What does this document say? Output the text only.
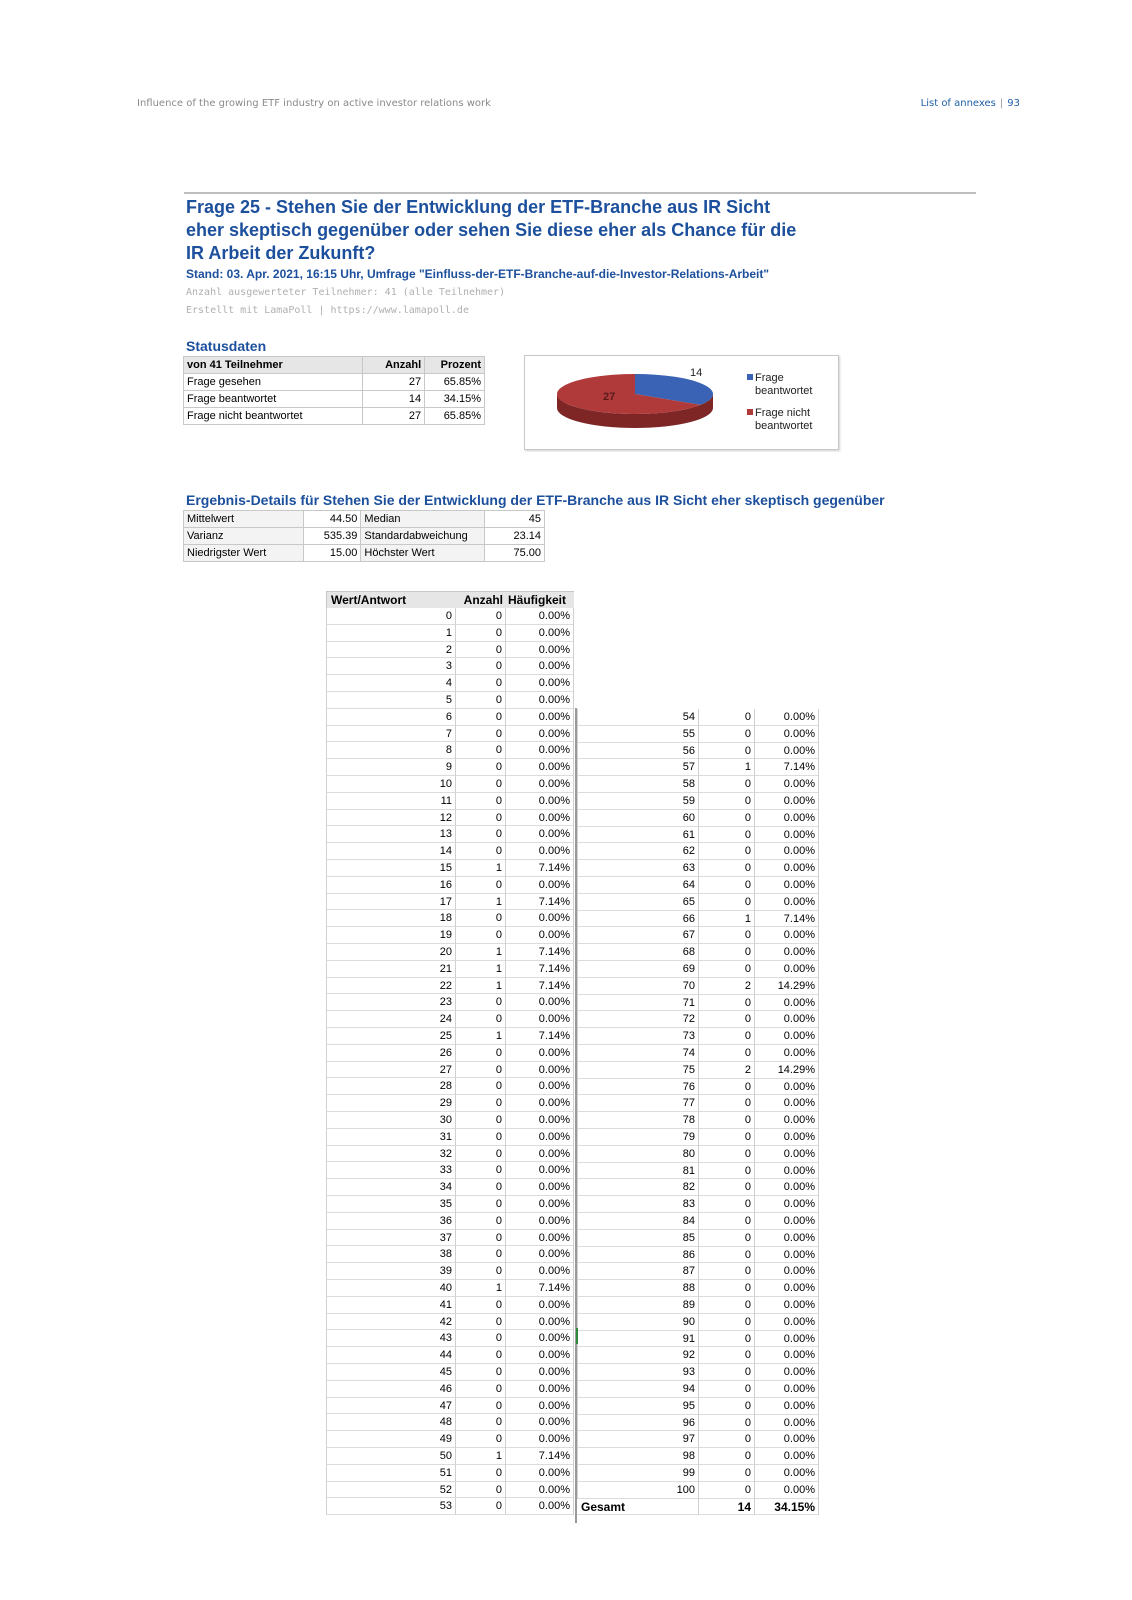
Influence of the growing ETF industry on active investor relations work	List of annexes | 93
Frage 25 - Stehen Sie der Entwicklung der ETF-Branche aus IR Sicht
eher skeptisch gegenüber oder sehen Sie diese eher als Chance für die
IR Arbeit der Zukunft?
Stand: 03. Apr. 2021, 16:15 Uhr, Umfrage "Einfluss-der-ETF-Branche-auf-die-Investor-Relations-Arbeit"
Anzahl ausgewerteter Teilnehmer: 41 (alle Teilnehmer)
Erstellt mit LamaPoll | https://www.lamapoll.de
Statusdaten
von 41 Teilnehmer	Anzahl	Prozent
Frage gesehen	27	65.85%
Frage beantwortet	14	34.15%
Frage nicht beantwortet	27	65.85%
14
27
Frage beantwortet
Frage nicht beantwortet
Ergebnis-Details für Stehen Sie der Entwicklung der ETF-Branche aus IR Sicht eher skeptisch gegenüber
Mittelwert	44.50	Median	45
Varianz	535.39	Standardabweichung	23.14
Niedrigster Wert	15.00	Höchster Wert	75.00
Wert/Antwort	Anzahl Häufigkeit
0	0	0.00%
1	0	0.00%
2	0	0.00%
3	0	0.00%
4	0	0.00%
5	0	0.00%
6	0	0.00%
7	0	0.00%
8	0	0.00%
9	0	0.00%
10	0	0.00%
11	0	0.00%
12	0	0.00%
13	0	0.00%
14	0	0.00%
15	1	7.14%
16	0	0.00%
17	1	7.14%
18	0	0.00%
19	0	0.00%
20	1	7.14%
21	1	7.14%
22	1	7.14%
23	0	0.00%
24	0	0.00%
25	1	7.14%
26	0	0.00%
27	0	0.00%
28	0	0.00%
29	0	0.00%
30	0	0.00%
31	0	0.00%
32	0	0.00%
33	0	0.00%
34	0	0.00%
35	0	0.00%
36	0	0.00%
37	0	0.00%
38	0	0.00%
39	0	0.00%
40	1	7.14%
41	0	0.00%
42	0	0.00%
43	0	0.00%
44	0	0.00%
45	0	0.00%
46	0	0.00%
47	0	0.00%
48	0	0.00%
49	0	0.00%
50	1	7.14%
51	0	0.00%
52	0	0.00%
53	0	0.00%
54	0	0.00%
55	0	0.00%
56	0	0.00%
57	1	7.14%
58	0	0.00%
59	0	0.00%
60	0	0.00%
61	0	0.00%
62	0	0.00%
63	0	0.00%
64	0	0.00%
65	0	0.00%
66	1	7.14%
67	0	0.00%
68	0	0.00%
69	0	0.00%
70	2	14.29%
71	0	0.00%
72	0	0.00%
73	0	0.00%
74	0	0.00%
75	2	14.29%
76	0	0.00%
77	0	0.00%
78	0	0.00%
79	0	0.00%
80	0	0.00%
81	0	0.00%
82	0	0.00%
83	0	0.00%
84	0	0.00%
85	0	0.00%
86	0	0.00%
87	0	0.00%
88	0	0.00%
89	0	0.00%
90	0	0.00%
91	0	0.00%
92	0	0.00%
93	0	0.00%
94	0	0.00%
95	0	0.00%
96	0	0.00%
97	0	0.00%
98	0	0.00%
99	0	0.00%
100	0	0.00%
Gesamt	14	34.15%
